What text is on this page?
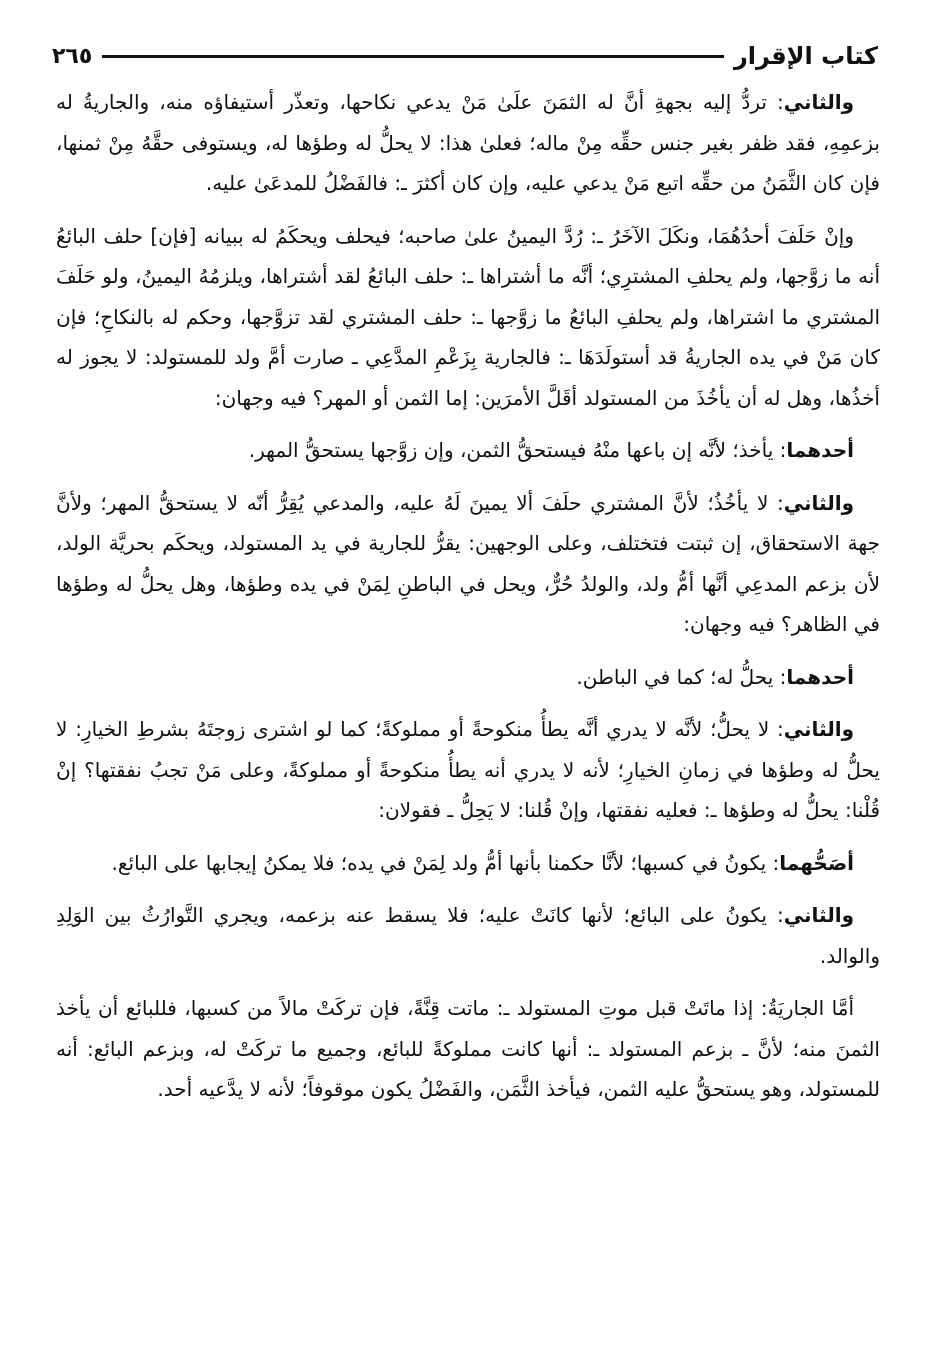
كتاب الإقرار
٢٦٥

والثاني: تردُّ إليه بجهةِ أنَّ له الثمَنَ علَىٰ مَنْ يدعي نكاحها، وتعذّر أستيفاؤه منه، والجاريةُ له بزعمِهِ، فقد ظفر بغير جنس حقِّه مِنْ ماله؛ فعلىٰ هذا: لا يحلُّ له وطؤها له، ويستوفى حقَّهُ مِنْ ثمنها، فإن كان الثَّمَنُ من حقِّه اتبع مَنْ يدعي عليه، وإن كان أكثرَ ـ: فالفَضْلُ للمدعَىٰ عليه.

وإنْ حَلَفَ أحدُهُمَا، ونكَلَ الآخَرُ ـ: رُدَّ اليمينُ علىٰ صاحبه؛ فيحلف ويحكَمُ له ببيانه [فإن] حلف البائعُ أنه ما زوَّجها، ولم يحلفِ المشترِي؛ أنَّه ما أشتراها ـ: حلف البائعُ لقد أشتراها، ويلزمُهُ اليمينُ، ولو حَلَفَ المشتري ما اشتراها، ولم يحلفِ البائعُ ما زوَّجها ـ: حلف المشتري لقد تزوَّجها، وحكم له بالنكاحِ؛ فإن كان مَنْ في يده الجاريةُ قد أستولَدَهَا ـ: فالجارية بِزَعْمِ المدَّعِي ـ صارت أمَّ ولد للمستولد: لا يجوز له أخذُها، وهل له أن يأخُذَ من المستولد أقَلَّ الأمرَين: إما الثمن أو المهر؟ فيه وجهان:

أحدهما: يأخذ؛ لأنَّه إن باعها منْهُ فيستحقُّ الثمن، وإن زوَّجها يستحقُّ المهر.

والثاني: لا يأخُذُ؛ لأنَّ المشتري حلَفَ ألا يمينَ لَهُ عليه، والمدعي يُقِرُّ أنّه لا يستحقُّ المهر؛ ولأنَّ جهة الاستحقاق، إن ثبتت فتختلف، وعلى الوجهين: يقرُّ للجارية في يد المستولد، ويحكَم بحريَّة الولد، لأن بزعم المدعِي أنَّها أمُّ ولد، والولدُ حُرٌّ، ويحل في الباطنِ لِمَنْ في يده وطؤها، وهل يحلُّ له وطؤها في الظاهر؟ فيه وجهان:

أحدهما: يحلُّ له؛ كما في الباطن.

والثاني: لا يحلُّ؛ لأنَّه لا يدري أنَّه يطأُ منكوحةً أو مملوكةً؛ كما لو اشترى زوجتَهُ بشرطِ الخيارِ: لا يحلُّ له وطؤها في زمانِ الخيارِ؛ لأنه لا يدري أنه يطأُ منكوحةً أو مملوكةً، وعلى مَنْ تجبُ نفقتها؟ إنْ قُلْنا: يحلُّ له وطؤها ـ: فعليه نفقتها، وإنْ قُلنا: لا يَحِلُّ ـ فقولان:

أصَحُّهما: يكونُ في كسبها؛ لأنَّا حكمنا بأنها أمُّ ولد لِمَنْ في يده؛ فلا يمكنُ إيجابها على البائع.

والثاني: يكونُ على البائع؛ لأنها كانَتْ عليه؛ فلا يسقط عنه بزعمه، ويجري التَّوارُثُ بين الوَلِدِ والوالد.

أمَّا الجاريَةُ: إذا ماتَتْ قبل موتِ المستولد ـ: ماتت قِنَّةً، فإن تركَتْ مالاً من كسبها، فللبائع أن يأخذ الثمنَ منه؛ لأنَّ ـ بزعم المستولد ـ: أنها كانت مملوكةً للبائع، وجميع ما تركَتْ له، وبزعم البائع: أنه للمستولد، وهو يستحقُّ عليه الثمن، فيأخذ الثَّمَن، والفَضْلُ يكون موقوفاً؛ لأنه لا يدَّعيه أحد.
